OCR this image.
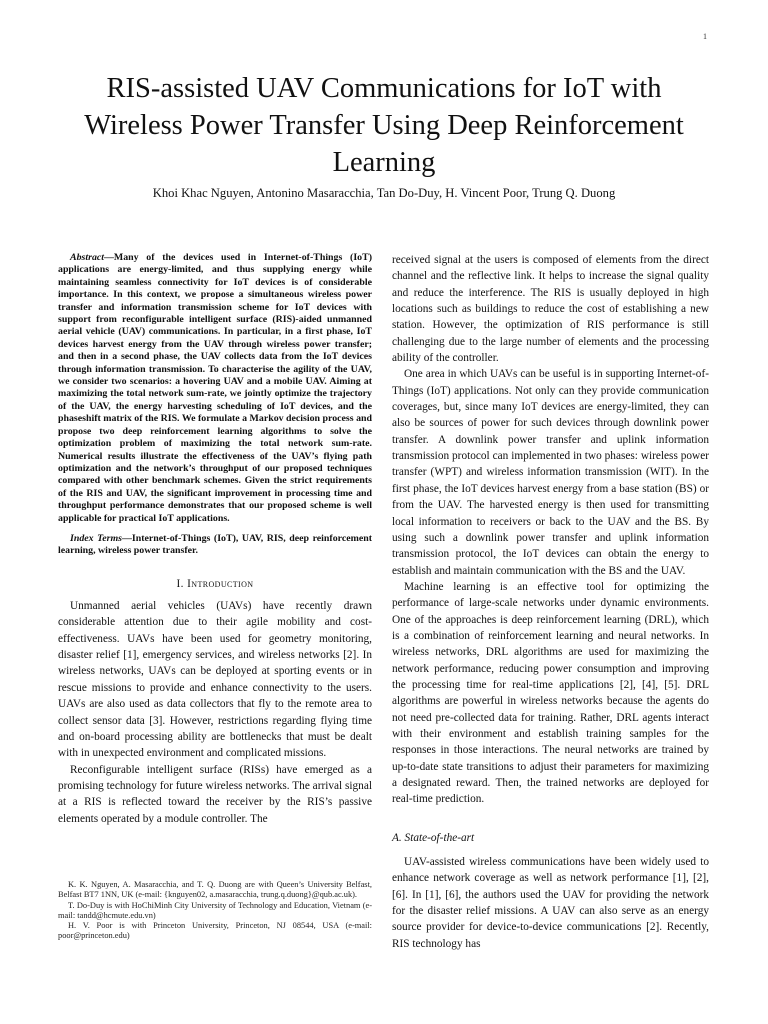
1
RIS-assisted UAV Communications for IoT with
Wireless Power Transfer Using Deep Reinforcement
Learning
Khoi Khac Nguyen, Antonino Masaracchia, Tan Do-Duy, H. Vincent Poor, Trung Q. Duong
Abstract—Many of the devices used in Internet-of-Things (IoT) applications are energy-limited, and thus supplying energy while maintaining seamless connectivity for IoT devices is of considerable importance. In this context, we propose a simultaneous wireless power transfer and information transmission scheme for IoT devices with support from reconfigurable intelligent surface (RIS)-aided unmanned aerial vehicle (UAV) communications. In particular, in a first phase, IoT devices harvest energy from the UAV through wireless power transfer; and then in a second phase, the UAV collects data from the IoT devices through information transmission. To characterise the agility of the UAV, we consider two scenarios: a hovering UAV and a mobile UAV. Aiming at maximizing the total network sum-rate, we jointly optimize the trajectory of the UAV, the energy harvesting scheduling of IoT devices, and the phaseshift matrix of the RIS. We formulate a Markov decision process and propose two deep reinforcement learning algorithms to solve the optimization problem of maximizing the total network sum-rate. Numerical results illustrate the effectiveness of the UAV’s flying path optimization and the network’s throughput of our proposed techniques compared with other benchmark schemes. Given the strict requirements of the RIS and UAV, the significant improvement in processing time and throughput performance demonstrates that our proposed scheme is well applicable for practical IoT applications.
Index Terms—Internet-of-Things (IoT), UAV, RIS, deep reinforcement learning, wireless power transfer.
I. Introduction

Unmanned aerial vehicles (UAVs) have recently drawn considerable attention due to their agile mobility and cost-effectiveness. UAVs have been used for geometry monitoring, disaster relief [1], emergency services, and wireless networks [2]. In wireless networks, UAVs can be deployed at sporting events or in rescue missions to provide and enhance connectivity to the users. UAVs are also used as data collectors that fly to the remote area to collect sensor data [3]. However, restrictions regarding flying time and on-board processing ability are bottlenecks that must be dealt with in unexpected environment and complicated missions.

Reconfigurable intelligent surface (RISs) have emerged as a promising technology for future wireless networks. The arrival signal at a RIS is reflected toward the receiver by the RIS’s passive elements operated by a module controller. The

K. K. Nguyen, A. Masaracchia, and T. Q. Duong are with Queen’s University Belfast, Belfast BT7 1NN, UK (e-mail: {knguyen02, a.masaracchia, trung.q.duong}@qub.ac.uk).

T. Do-Duy is with HoChiMinh City University of Technology and Education, Vietnam (e-mail: tandd@hcmute.edu.vn)

H. V. Poor is with Princeton University, Princeton, NJ 08544, USA (e-mail: poor@princeton.edu)

received signal at the users is composed of elements from the direct channel and the reflective link. It helps to increase the signal quality and reduce the interference. The RIS is usually deployed in high locations such as buildings to reduce the cost of establishing a new station. However, the optimization of RIS performance is still challenging due to the large number of elements and the processing ability of the controller.

One area in which UAVs can be useful is in supporting Internet-of-Things (IoT) applications. Not only can they provide communication coverages, but, since many IoT devices are energy-limited, they can also be sources of power for such devices through downlink power transfer. A downlink power transfer and uplink information transmission protocol can implemented in two phases: wireless power transfer (WPT) and wireless information transmission (WIT). In the first phase, the IoT devices harvest energy from a base station (BS) or from the UAV. The harvested energy is then used for transmitting local information to receivers or back to the UAV and the BS. By using such a downlink power transfer and uplink information transmission protocol, the IoT devices can obtain the energy to establish and maintain communication with the BS and the UAV.

Machine learning is an effective tool for optimizing the performance of large-scale networks under dynamic environments. One of the approaches is deep reinforcement learning (DRL), which is a combination of reinforcement learning and neural networks. In wireless networks, DRL algorithms are used for maximizing the network performance, reducing power consumption and improving the processing time for real-time applications [2], [4], [5]. DRL algorithms are powerful in wireless networks because the agents do not need pre-collected data for training. Rather, DRL agents interact with their environment and establish training samples for the responses in those interactions. The neural networks are trained by up-to-date state transitions to adjust their parameters for maximizing a designated reward. Then, the trained networks are deployed for real-time prediction.

A. State-of-the-art

UAV-assisted wireless communications have been widely used to enhance network coverage as well as network performance [1], [2], [6]. In [1], [6], the authors used the UAV for providing the network for the disaster relief missions. A UAV can also serve as an energy source provider for device-to-device communications [2]. Recently, RIS technology has
